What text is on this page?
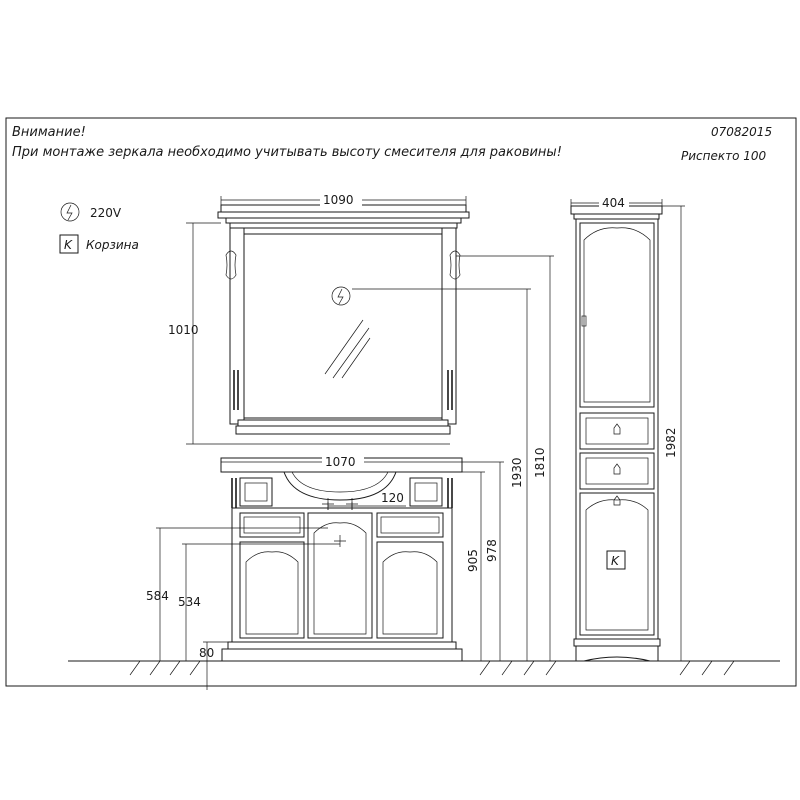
Внимание!
При монтаже зеркала необходимо учитывать высоту смесителя для раковины!
07082015
Риспекто 100
220V
K Корзина
K
1090
1010
1070
120
584 534
80
905 978
1930 1810
404
1982
